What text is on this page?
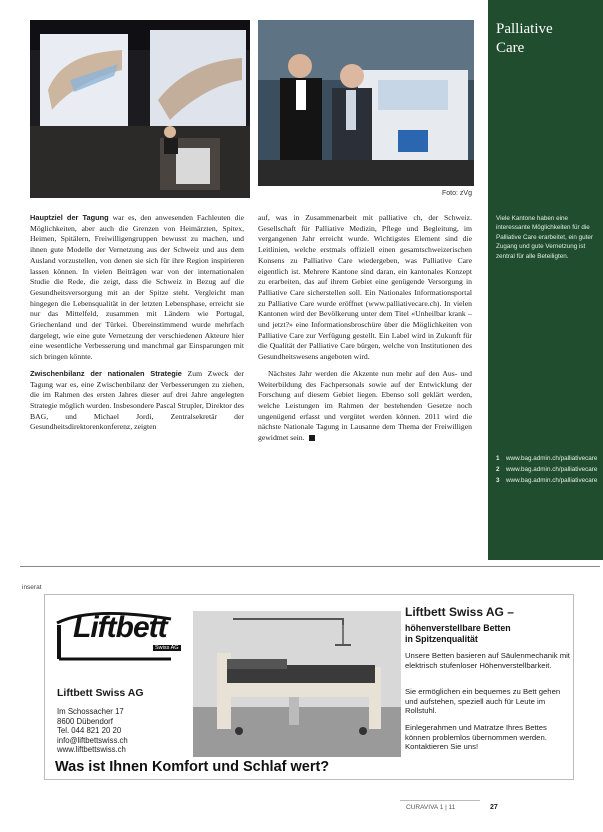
Foto: zVg
Palliative
Care
Viele Kantone haben eine interessante Möglichkeiten für die Palliative Care erarbeitet, ein guter Zugang und gute Vernetzung ist zentral für alle Beteiligten.
1 www.bag.admin.ch/palliativecare
2 www.bag.admin.ch/palliativecare
3 www.bag.admin.ch/palliativecare

Hauptziel der Tagung war es, den anwesenden Fachleuten die Möglichkeiten, aber auch die Grenzen von Heimärzten, Spitex, Heimen, Spitälern, Freiwilligengruppen bewusst zu machen, und ihnen gute Modelle der Vernetzung aus der Schweiz und aus dem Ausland vorzustellen, von denen sie sich für ihre Region inspirieren lassen können. In vielen Beiträgen war von der internationalen Studie die Rede, die zeigt, dass die Schweiz in Bezug auf die Gesundheitsversorgung mit an der Spitze steht. Vergleicht man hingegen die Lebensqualität in der letzten Lebensphase, erreicht sie nur das Mittelfeld, zusammen mit Ländern wie Portugal, Griechenland und der Türkei. Übereinstimmend wurde mehrfach dargelegt, wie eine gute Vernetzung der verschiedenen Akteure hier eine wesentliche Verbesserung und manchmal gar Einsparungen mit sich bringen könnte.

Zwischenbilanz der nationalen Strategie Zum Zweck der Tagung war es, eine Zwischenbilanz der Verbesserungen zu ziehen, die im Rahmen des ersten Jahres dieser auf drei Jahre angelegten Strategie möglich wurden. Insbesondere Pascal Strupler, Direktor des BAG, und Michael Jordi, Zentralsekretär der Gesundheitsdirektorenkonferenz, zeigten

auf, was in Zusammenarbeit mit palliative ch, der Schweiz. Gesellschaft für Palliative Medizin, Pflege und Begleitung, im vergangenen Jahr erreicht wurde. Wichtigstes Element sind die Leitlinien, welche erstmals offiziell einen gesamtschweizerischen Konsens zu Palliative Care wiedergeben, was Palliative Care eigentlich ist. Mehrere Kantone sind daran, ein kantonales Konzept zu erarbeiten, das auf ihrem Gebiet eine genügende Versorgung in Palliative Care sicherstellen soll. Ein Nationales Informationsportal zu Palliative Care wurde eröffnet (www.palliativecare.ch). In vielen Kantonen wird der Bevölkerung unter dem Titel «Unheilbar krank – und jetzt?» eine Informationsbroschüre über die Möglichkeiten von Palliative Care zur Verfügung gestellt. Ein Label wird in Zukunft für die Qualität der Palliative Care bürgen, welche von Institutionen des Gesundheitswesens angeboten wird.

Nächstes Jahr werden die Akzente nun mehr auf den Aus- und Weiterbildung des Fachpersonals sowie auf der Entwicklung der Forschung auf diesem Gebiet liegen. Ebenso soll geklärt werden, welche Leistungen im Rahmen der bestehenden Gesetze noch ungenügend erfasst und vergütet werden können. 2011 wird die nächste Nationale Tagung in Lausanne dem Thema der Freiwilligen gewidmet sein.

inserat
Liftbett
Swiss AG
Liftbett Swiss AG
Im Schossacher 17
8600 Dübendorf
Tel. 044 821 20 20
info@liftbettswiss.ch
www.liftbettswiss.ch
Liftbett Swiss AG –
höhenverstellbare Betten
in Spitzenqualität
Unsere Betten basieren auf Säulenmechanik mit elektrisch stufenloser Höhenverstellbarkeit.
Sie ermöglichen ein bequemes zu Bett gehen und aufstehen, speziell auch für Leute im Rollstuhl.
Einlegerahmen und Matratze Ihres Bettes können problemlos übernommen werden. Kontaktieren Sie uns!
Was ist Ihnen Komfort und Schlaf wert?
CURAVIVA 1 | 11	27
